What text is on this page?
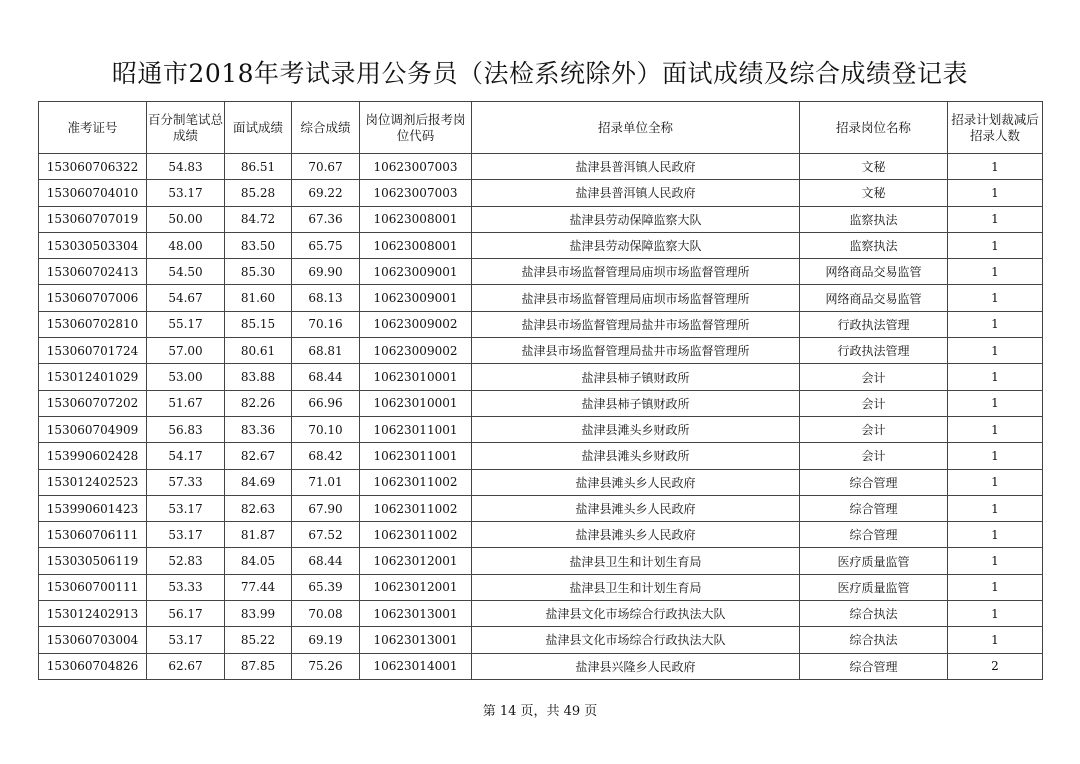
昭通市2018年考试录用公务员（法检系统除外）面试成绩及综合成绩登记表
准考证号	百分制笔试总成绩	面试成绩	综合成绩	岗位调剂后报考岗位代码	招录单位全称	招录岗位名称	招录计划裁减后招录人数
153060706322	54.83	86.51	70.67	10623007003	盐津县普洱镇人民政府	文秘	1
153060704010	53.17	85.28	69.22	10623007003	盐津县普洱镇人民政府	文秘	1
153060707019	50.00	84.72	67.36	10623008001	盐津县劳动保障监察大队	监察执法	1
153030503304	48.00	83.50	65.75	10623008001	盐津县劳动保障监察大队	监察执法	1
153060702413	54.50	85.30	69.90	10623009001	盐津县市场监督管理局庙坝市场监督管理所	网络商品交易监管	1
153060707006	54.67	81.60	68.13	10623009001	盐津县市场监督管理局庙坝市场监督管理所	网络商品交易监管	1
153060702810	55.17	85.15	70.16	10623009002	盐津县市场监督管理局盐井市场监督管理所	行政执法管理	1
153060701724	57.00	80.61	68.81	10623009002	盐津县市场监督管理局盐井市场监督管理所	行政执法管理	1
153012401029	53.00	83.88	68.44	10623010001	盐津县柿子镇财政所	会计	1
153060707202	51.67	82.26	66.96	10623010001	盐津县柿子镇财政所	会计	1
153060704909	56.83	83.36	70.10	10623011001	盐津县滩头乡财政所	会计	1
153990602428	54.17	82.67	68.42	10623011001	盐津县滩头乡财政所	会计	1
153012402523	57.33	84.69	71.01	10623011002	盐津县滩头乡人民政府	综合管理	1
153990601423	53.17	82.63	67.90	10623011002	盐津县滩头乡人民政府	综合管理	1
153060706111	53.17	81.87	67.52	10623011002	盐津县滩头乡人民政府	综合管理	1
153030506119	52.83	84.05	68.44	10623012001	盐津县卫生和计划生育局	医疗质量监管	1
153060700111	53.33	77.44	65.39	10623012001	盐津县卫生和计划生育局	医疗质量监管	1
153012402913	56.17	83.99	70.08	10623013001	盐津县文化市场综合行政执法大队	综合执法	1
153060703004	53.17	85.22	69.19	10623013001	盐津县文化市场综合行政执法大队	综合执法	1
153060704826	62.67	87.85	75.26	10623014001	盐津县兴隆乡人民政府	综合管理	2
第 14 页，共 49 页
